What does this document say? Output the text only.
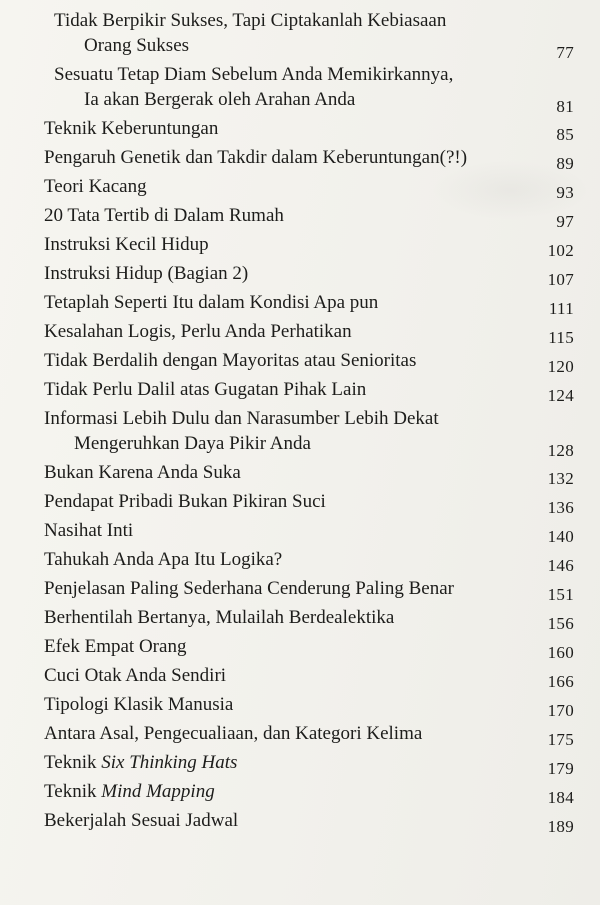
Tidak Berpikir Sukses, Tapi Ciptakanlah Kebiasaan
Orang Sukses	77
Sesuatu Tetap Diam Sebelum Anda Memikirkannya,
Ia akan Bergerak oleh Arahan Anda	81
Teknik Keberuntungan	85
Pengaruh Genetik dan Takdir dalam Keberuntungan(?!)	89
Teori Kacang	93
20 Tata Tertib di Dalam Rumah	97
Instruksi Kecil Hidup	102
Instruksi Hidup (Bagian 2)	107
Tetaplah Seperti Itu dalam Kondisi Apa pun	111
Kesalahan Logis, Perlu Anda Perhatikan	115
Tidak Berdalih dengan Mayoritas atau Senioritas	120
Tidak Perlu Dalil atas Gugatan Pihak Lain	124
Informasi Lebih Dulu dan Narasumber Lebih Dekat
Mengeruhkan Daya Pikir Anda	128
Bukan Karena Anda Suka	132
Pendapat Pribadi Bukan Pikiran Suci	136
Nasihat Inti	140
Tahukah Anda Apa Itu Logika?	146
Penjelasan Paling Sederhana Cenderung Paling Benar	151
Berhentilah Bertanya, Mulailah Berdealektika	156
Efek Empat Orang	160
Cuci Otak Anda Sendiri	166
Tipologi Klasik Manusia	170
Antara Asal, Pengecualiaan, dan Kategori Kelima	175
Teknik Six Thinking Hats	179
Teknik Mind Mapping	184
Bekerjalah Sesuai Jadwal	189
